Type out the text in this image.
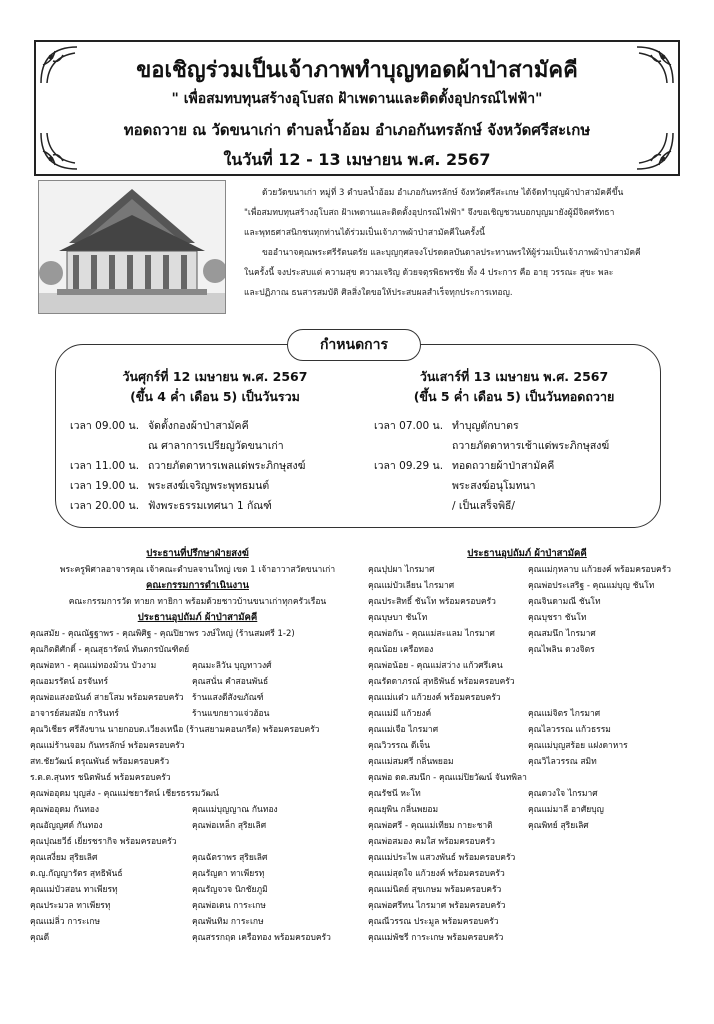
ขอเชิญร่วมเป็นเจ้าภาพทำบุญทอดผ้าป่าสามัคคี
" เพื่อสมทบทุนสร้างอุโบสถ ฝ้าเพดานและติดตั้งอุปกรณ์ไฟฟ้า"
ทอดถวาย ณ วัดขนาเก่า ตำบลน้ำอ้อม อำเภอกันทรลักษ์ จังหวัดศรีสะเกษ
ในวันที่ 12 - 13 เมษายน พ.ศ. 2567

ด้วยวัดขนาเก่า หมู่ที่ 3 ตำบลน้ำอ้อม อำเภอกันทรลักษ์ จังหวัดศรีสะเกษ ได้จัดทำบุญผ้าป่าสามัคคีขึ้น

"เพื่อสมทบทุนสร้างอุโบสถ ฝ้าเพดานและติดตั้งอุปกรณ์ไฟฟ้า" จึงขอเชิญชวนบอกบุญมายังผู้มีจิตศรัทธา

และพุทธศาสนิกชนทุกท่านได้ร่วมเป็นเจ้าภาพผ้าป่าสามัคคีในครั้งนี้

ขออำนาจคุณพระศรีรัตนตรัย และบุญกุศลจงโปรดดลบันดาลประทานพรให้ผู้ร่วมเป็นเจ้าภาพผ้าป่าสามัคคี

ในครั้งนี้ จงประสบแต่ ความสุข ความเจริญ ด้วยจตุรพิธพรชัย ทั้ง 4 ประการ คือ อายุ วรรณะ สุขะ พละ

และปฏิภาณ ธนสารสมบัติ ศิลสิ่งใดขอให้ประสบผลสำเร็จทุกประการเทอญ.

กำหนดการ
วันศุกร์ที่ 12 เมษายน พ.ศ. 2567
(ขึ้น 4 ค่ำ เดือน 5) เป็นวันรวม
เวลา 09.00 น. จัดตั้งกองผ้าป่าสามัคคี
ณ ศาลาการเปรียญวัดขนาเก่า
เวลา 11.00 น. ถวายภัตตาหารเพลแด่พระภิกษุสงฆ์
เวลา 19.00 น. พระสงฆ์เจริญพระพุทธมนต์
เวลา 20.00 น. ฟังพระธรรมเทศนา 1 กัณฑ์
วันเสาร์ที่ 13 เมษายน พ.ศ. 2567
(ขึ้น 5 ค่ำ เดือน 5) เป็นวันทอดถวาย
เวลา 07.00 น. ทำบุญตักบาตร
ถวายภัตตาหารเช้าแด่พระภิกษุสงฆ์
เวลา 09.29 น. ทอดถวายผ้าป่าสามัคคี
พระสงฆ์อนุโมทนา
/ เป็นเสร็จพิธี/
ประธานที่ปรึกษาฝ่ายสงฆ์
พระครูพิศาลอาจารคุณ เจ้าคณะตำบลจานใหญ่ เขต 1 เจ้าอาวาสวัดขนาเก่า
คณะกรรมการดำเนินงาน
คณะกรรมการวัด ทายก ทายิกา พร้อมด้วยชาวบ้านขนาเก่าทุกครัวเรือน
ประธานอุปถัมภ์ ผ้าป่าสามัคคี
คุณสมัย - คุณณัฐฐาพร - คุณพิศิฐ - คุณปิยาพร วงษ์ใหญ่ (ร้านสมศรี 1-2)
คุณกิตติศักดิ์ - คุณสุธารัตน์ ทันตกรบัณฑิตย์
คุณพ่อหา - คุณแม่ทองม้วน บัวงาม	คุณมะลิวัน บุญทาวงศ์
คุณอมรรัตน์ อรจันทร์	คุณสนั่น คำสอนพันธ์
คุณพ่อแสงอนันต์ สายโสม พร้อมครอบครัว ร้านแสงดีสังฆภัณฑ์
อาจารย์สมสมัย การินทร์	ร้านแขกยาวแจ่วฮ้อน
คุณวิเชียร ศรีสังขาน นายกอบต.เวียงเหนือ (ร้านสยามคอนกรีต) พร้อมครอบครัว
คุณแม่ร้านจอม กันทรลักษ์ พร้อมครอบครัว
สท.ชัยวัฒน์ ดรุณพันธ์ พร้อมครอบครัว
ร.ต.ต.สุนทร ชนิตพันธ์ พร้อมครอบครัว
คุณพ่ออุดม บุญส่ง - คุณแม่ชยารัตน์ เชียรธรรมวัฒน์
คุณพ่ออุดม กันทอง	คุณแม่บุญญาณ กันทอง
คุณอัญญศด์ กันทอง	คุณพ่อเหล็ก สุริยเลิศ
คุณปุณยวีธ์ เยี่ยรชรากิจ พร้อมครอบครัว
คุณเสงี่ยม สุริยเลิศ	คุณฉัตราพร สุริยเลิศ
ด.ญ.กัญญารัตร สุทธิพันธ์	คุณรัญดา ทาเพียรทุ
คุณแม่บัวสอน ทาเพียรทุ	คุณรัญจวจ นิกชัยภูมิ
คุณประมวล ทาเพียรทุ	คุณพ่อเดน การะเกษ
คุณแม่ลิ่ว การะเกษ	คุณพันทิม การะเกษ
คุณดี	คุณสรรกฤต เครือทอง พร้อมครอบครัว
ประธานอุปถัมภ์ ผ้าป่าสามัคคี
คุณปุปผา ไกรมาศ	คุณแม่กุหลาบ แก้วยงค์ พร้อมครอบครัว
คุณแม่บัวเลียน ไกรมาศ	คุณพ่อประเสริฐ - คุณแม่บุญ ชันโท
คุณประสิทธิ์ ชันโท พร้อมครอบครัว	คุณจินดามณี ชันโท
คุณบุษบา ชันโท	คุณบุชรา ชันโท
คุณพ่อกัน - คุณแม่สะแลม ไกรมาศ	คุณสมนึก ไกรมาศ
คุณน้อย เครือทอง	คุณไพลิน ดวงจิตร
คุณพ่อน้อย - คุณแม่สว่าง แก้วศรีเคน
คุณรัตดาภรณ์ สุทธิพันธ์ พร้อมครอบครัว
คุณแม่แต๋ว แก้วยงค์ พร้อมครอบครัว
คุณแม่มี แก้วยงค์	คุณแม่จิตร ไกรมาศ
คุณแม่เจือ ไกรมาศ	คุณไลวรรณ แก้วธรรม
คุณวิวรรณ ดีเจ็น	คุณแม่บุญสร้อย แฝงดาหาร
คุณแม่สมศรี กลิ่นพยอม	คุณวิไลวรรณ สมิท
คุณพ่อ ดต.สมนึก - คุณแม่ปิยวัฒน์ จันทพิลา
คุณรัชนี หะโท	คุณดวงใจ ไกรมาศ
คุณยุพิน กลิ่นพยอม	คุณแม่มาลี อาศัยบุญ
คุณพ่อศรี - คุณแม่เทียม กายะชาติ	คุณพิทย์ สุริยเลิศ
คุณพ่อสมอง คมใส พร้อมครอบครัว
คุณแม่ประไพ แสวงพันธ์ พร้อมครอบครัว
คุณแม่สุดใจ แก้วยงค์ พร้อมครอบครัว
คุณแม่นิตย์ สุขเกษม พร้อมครอบครัว
คุณพ่อศรีทน ไกรมาศ พร้อมครอบครัว
คุณณีวรรณ ประมูล พร้อมครอบครัว
คุณแม่พัชรี การะเกษ พร้อมครอบครัว
